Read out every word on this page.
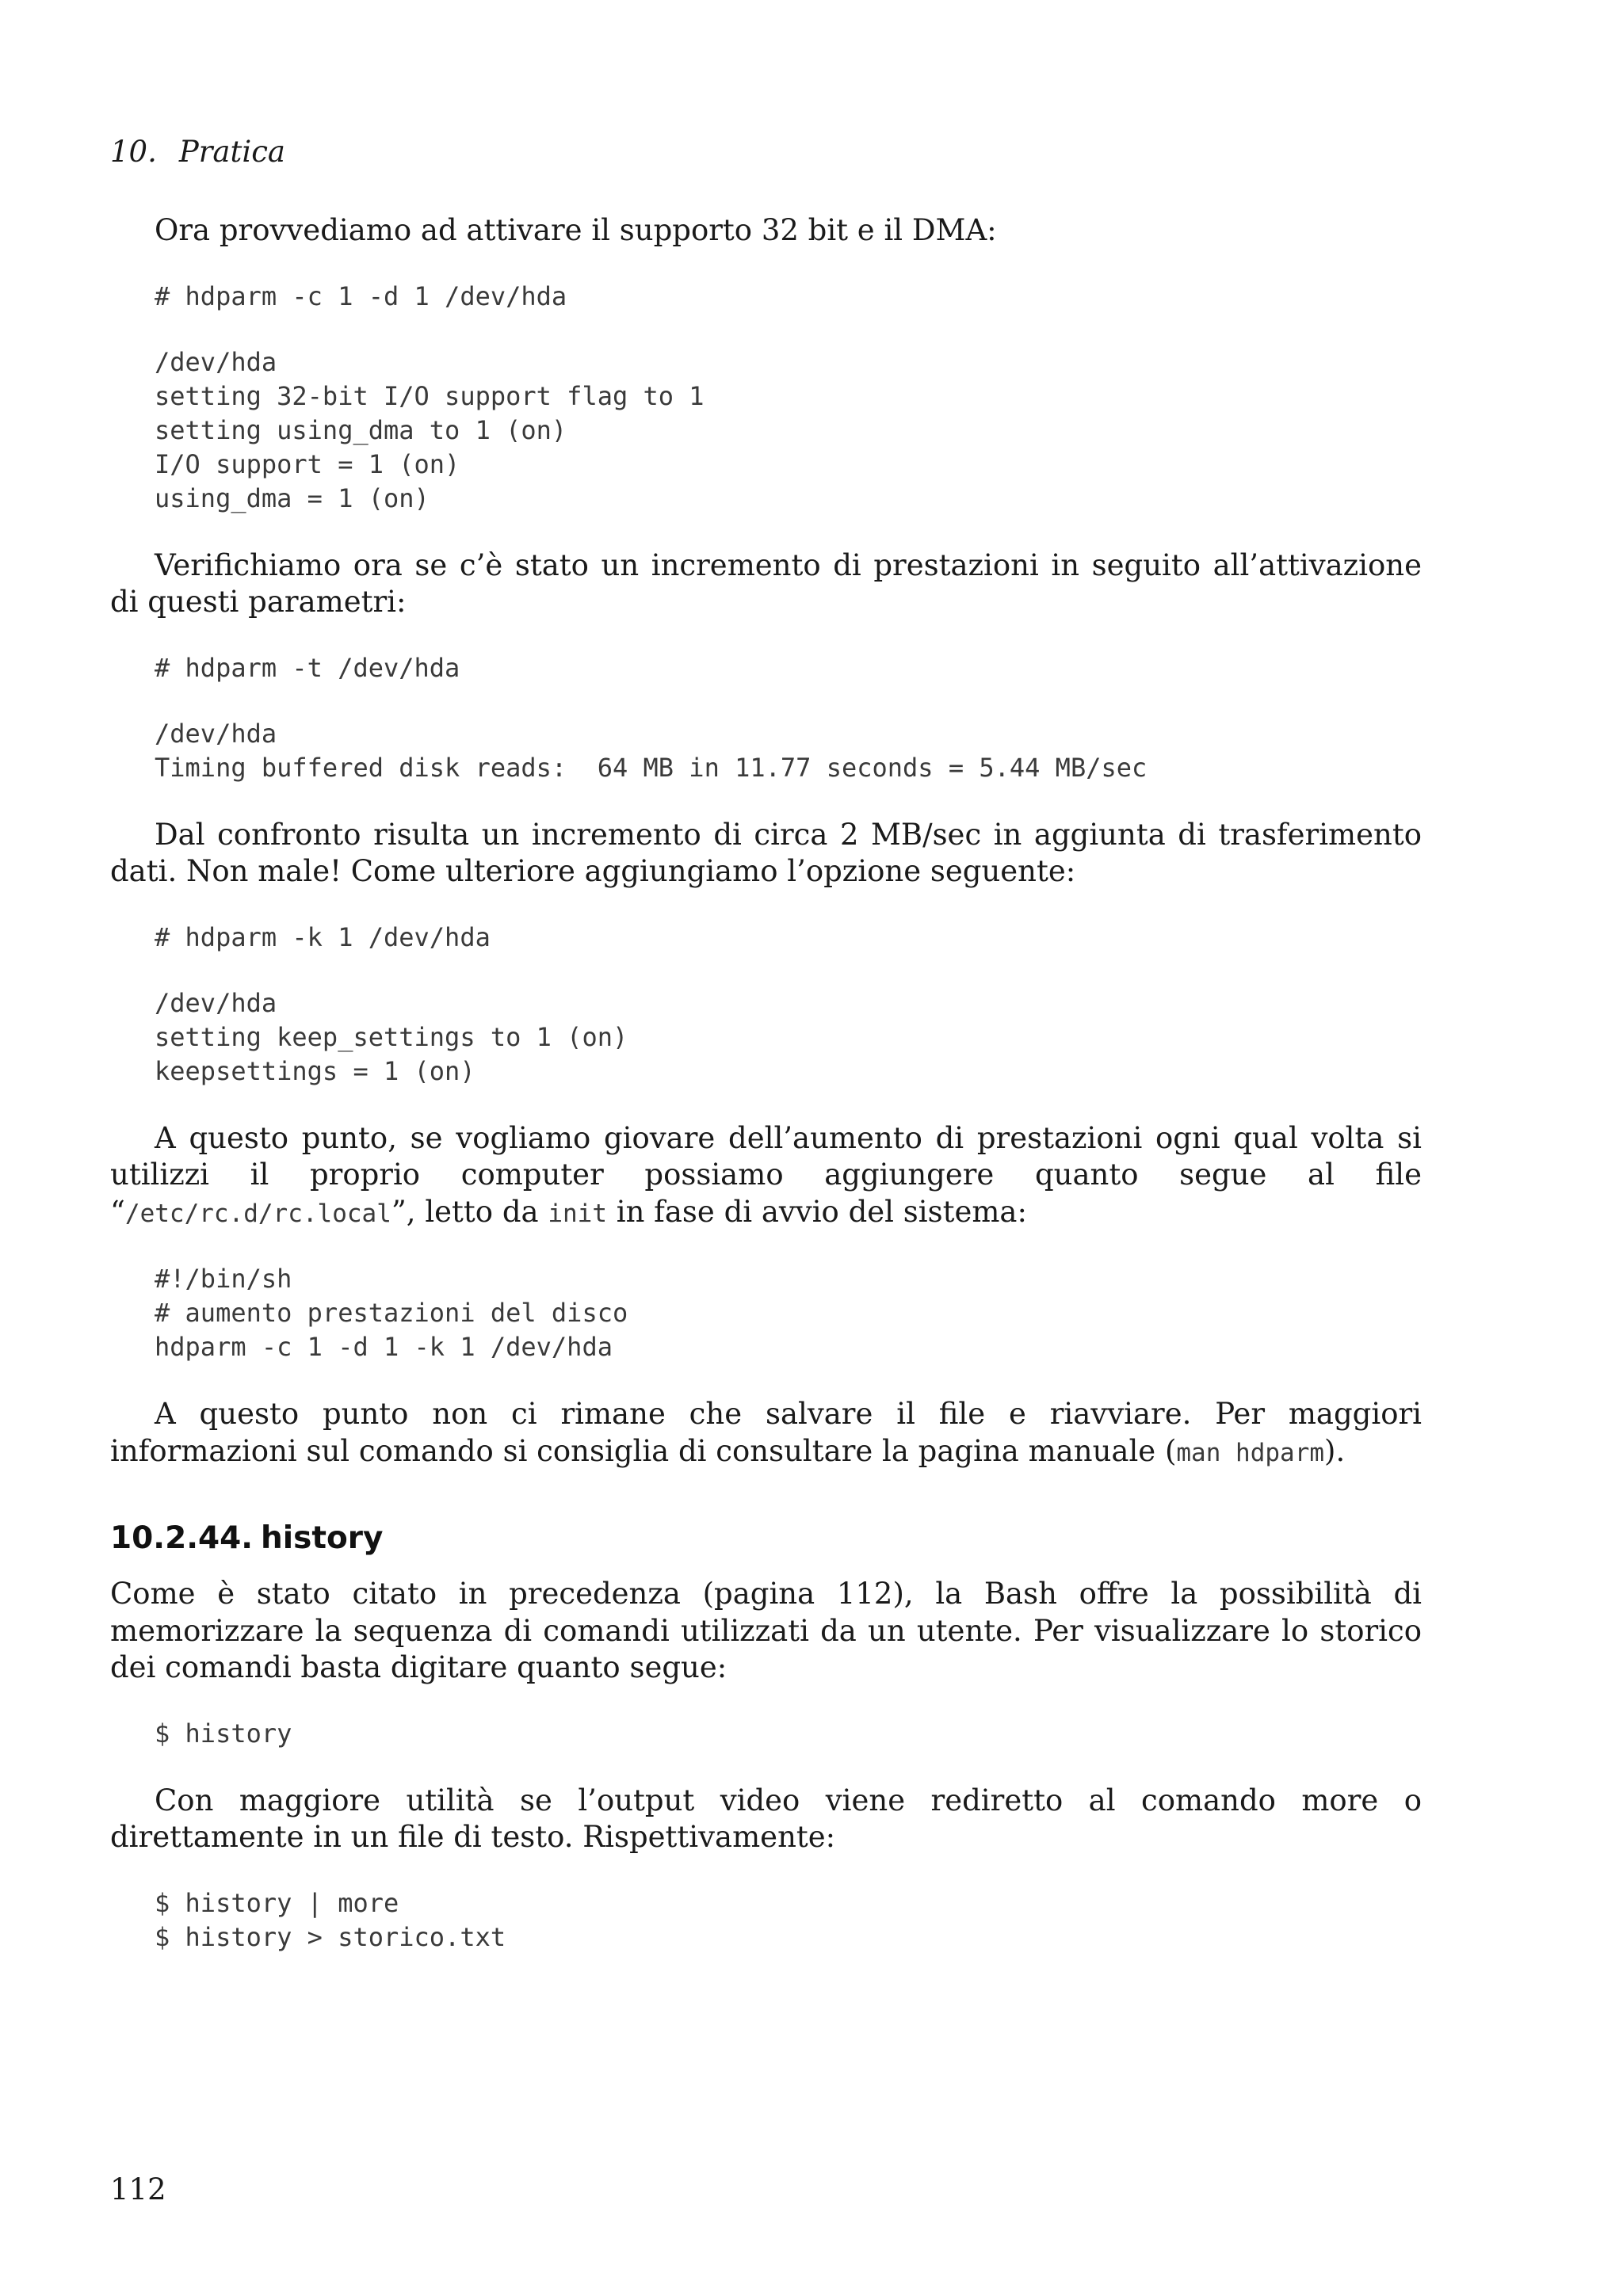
10. Pratica

Ora provvediamo ad attivare il supporto 32 bit e il DMA:

# hdparm -c 1 -d 1 /dev/hda
/dev/hda
setting 32-bit I/O support flag to 1
setting using_dma to 1 (on)
I/O support = 1 (on)
using_dma = 1 (on)

Verifichiamo ora se c’è stato un incremento di prestazioni in seguito all’attivazione di questi parametri:

# hdparm -t /dev/hda
/dev/hda
Timing buffered disk reads:  64 MB in 11.77 seconds = 5.44 MB/sec

Dal confronto risulta un incremento di circa 2 MB/sec in aggiunta di trasferimento dati. Non male! Come ulteriore aggiungiamo l’opzione seguente:

# hdparm -k 1 /dev/hda
/dev/hda
setting keep_settings to 1 (on)
keepsettings = 1 (on)

A questo punto, se vogliamo giovare dell’aumento di prestazioni ogni qual volta si utilizzi il proprio computer possiamo aggiungere quanto segue al file “/etc/rc.d/rc.local”, letto da init in fase di avvio del sistema:

#!/bin/sh
# aumento prestazioni del disco
hdparm -c 1 -d 1 -k 1 /dev/hda

A questo punto non ci rimane che salvare il file e riavviare. Per maggiori informazioni sul comando si consiglia di consultare la pagina manuale (man hdparm).

10.2.44. history

Come è stato citato in precedenza (pagina 112), la Bash offre la possibilità di memorizzare la sequenza di comandi utilizzati da un utente. Per visualizzare lo storico dei comandi basta digitare quanto segue:

$ history

Con maggiore utilità se l’output video viene rediretto al comando more o direttamente in un file di testo. Rispettivamente:

$ history | more
$ history > storico.txt
112
